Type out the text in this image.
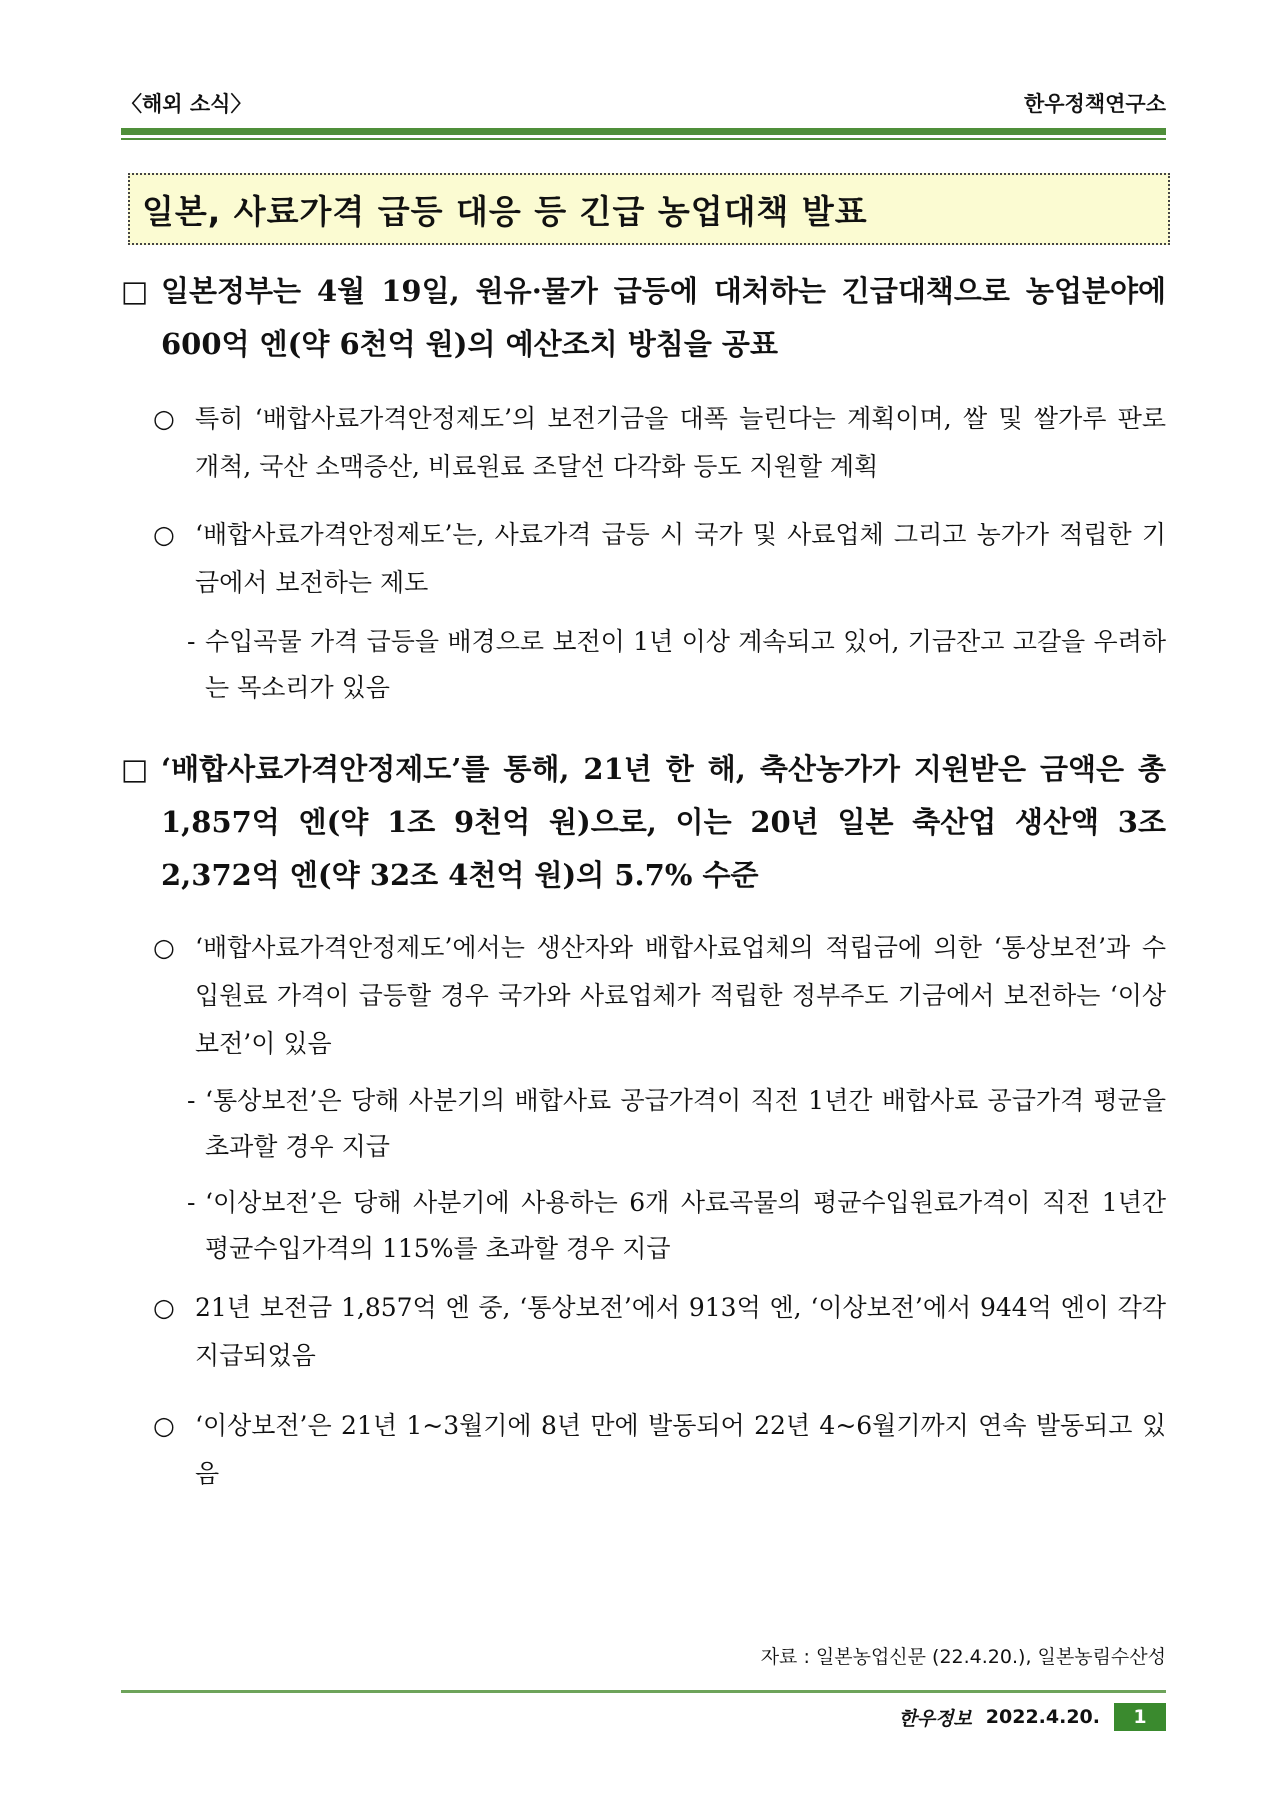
〈해외 소식〉	한우정책연구소
일본, 사료가격 급등 대응 등 긴급 농업대책 발표
□ 일본정부는 4월 19일, 원유·물가 급등에 대처하는 긴급대책으로 농업분야에 600억 엔(약 6천억 원)의 예산조치 방침을 공표
○ 특히 ‘배합사료가격안정제도’의 보전기금을 대폭 늘린다는 계획이며, 쌀 및 쌀가루 판로 개척, 국산 소맥증산, 비료원료 조달선 다각화 등도 지원할 계획
○ ‘배합사료가격안정제도’는, 사료가격 급등 시 국가 및 사료업체 그리고 농가가 적립한 기금에서 보전하는 제도
- 수입곡물 가격 급등을 배경으로 보전이 1년 이상 계속되고 있어, 기금잔고 고갈을 우려하는 목소리가 있음
□ ‘배합사료가격안정제도’를 통해, 21년 한 해, 축산농가가 지원받은 금액은 총 1,857억 엔(약 1조 9천억 원)으로, 이는 20년 일본 축산업 생산액 3조 2,372억 엔(약 32조 4천억 원)의 5.7% 수준
○ ‘배합사료가격안정제도’에서는 생산자와 배합사료업체의 적립금에 의한 ‘통상보전’과 수입원료 가격이 급등할 경우 국가와 사료업체가 적립한 정부주도 기금에서 보전하는 ‘이상보전’이 있음
- ‘통상보전’은 당해 사분기의 배합사료 공급가격이 직전 1년간 배합사료 공급가격 평균을 초과할 경우 지급
- ‘이상보전’은 당해 사분기에 사용하는 6개 사료곡물의 평균수입원료가격이 직전 1년간 평균수입가격의 115%를 초과할 경우 지급
○ 21년 보전금 1,857억 엔 중, ‘통상보전’에서 913억 엔, ‘이상보전’에서 944억 엔이 각각 지급되었음
○ ‘이상보전’은 21년 1~3월기에 8년 만에 발동되어 22년 4~6월기까지 연속 발동되고 있음
자료 : 일본농업신문 (22.4.20.), 일본농림수산성
한우정보 2022.4.20.	1
